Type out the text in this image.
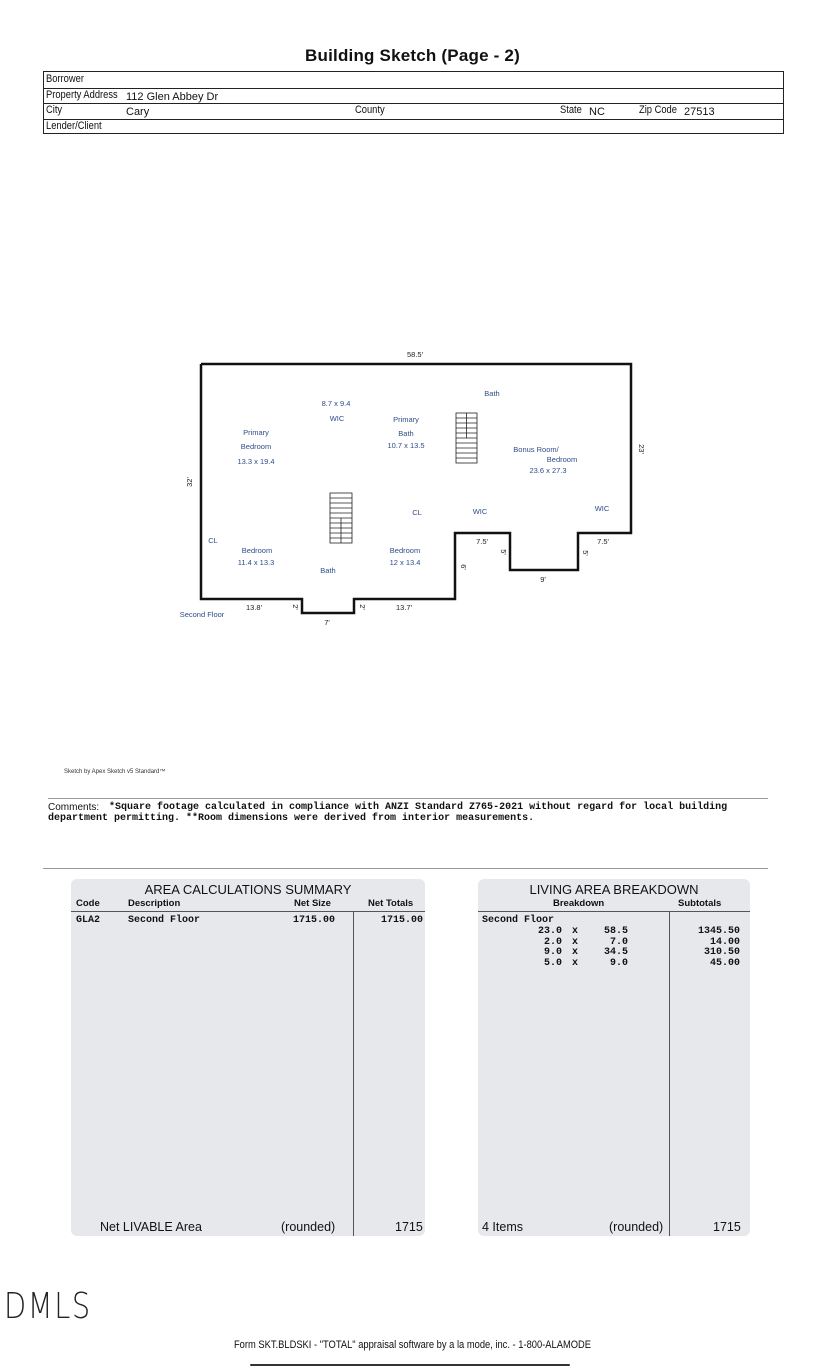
Building Sketch (Page - 2)
Borrower
Property Address 112 Glen Abbey Dr
City	Cary	County	State NC	Zip Code 27513
Lender/Client
8.7 x 9.4
WIC
Primary
Bedroom
13.3 x 19.4
Primary
Bath
10.7 x 13.5
Bath
Bonus Room/
Bedroom
23.6 x 27.3
CL	WIC	WIC
CL
Bedroom
11.4 x 13.3
Bath
Bedroom
12 x 13.4
Second Floor
58.5'
32'
23'
7.5'
7.5'
5'	5'
9'
6'
13.8'	2'	2'
7'
13.7'
Sketch by Apex Sketch v5 Standard™
Comments: *Square footage calculated in compliance with ANZI Standard Z765-2021 without regard for local building
department permitting. **Room dimensions were derived from interior measurements.
AREA CALCULATIONS SUMMARY
Code	Description	Net Size	Net Totals
GLA2	Second Floor	1715.00	1715.00
Net LIVABLE Area	(rounded)	1715
LIVING AREA BREAKDOWN
Breakdown	Subtotals
Second Floor
23.0 x	58.5	1345.50
2.0 x	7.0	14.00
9.0 x	34.5	310.50
5.0 x	9.0	45.00
4 Items	(rounded)	1715
DMLS
Form SKT.BLDSKI - "TOTAL" appraisal software by a la mode, inc. - 1-800-ALAMODE
